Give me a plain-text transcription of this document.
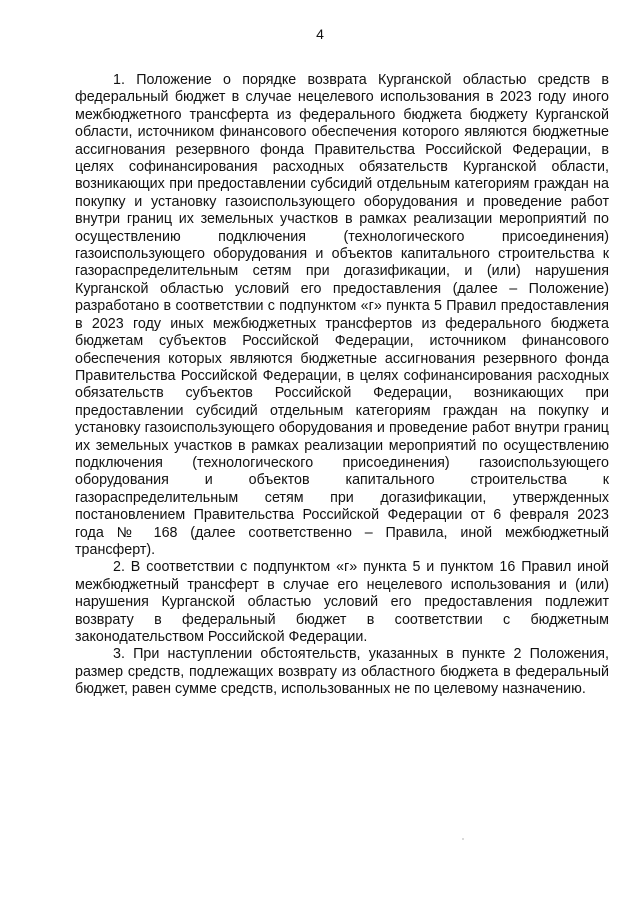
4

1. Положение о порядке возврата Курганской областью средств в федеральный бюджет в случае нецелевого использования в 2023 году иного межбюджетного трансферта из федерального бюджета бюджету Курганской области, источником финансового обеспечения которого являются бюджетные ассигнования резервного фонда Правительства Российской Федерации, в целях софинансирования расходных обязательств Курганской области, возникающих при предоставлении субсидий отдельным категориям граждан на покупку и установку газоиспользующего оборудования и проведение работ внутри границ их земельных участков в рамках реализации мероприятий по осуществлению подключения (технологического присоединения) газоиспользующего оборудования и объектов капитального строительства к газораспределительным сетям при догазификации, и (или) нарушения Курганской областью условий его предоставления (далее – Положение) разработано в соответствии с подпунктом «г» пункта 5 Правил предоставления в 2023 году иных межбюджетных трансфертов из федерального бюджета бюджетам субъектов Российской Федерации, источником финансового обеспечения которых являются бюджетные ассигнования резервного фонда Правительства Российской Федерации, в целях софинансирования расходных обязательств субъектов Российской Федерации, возникающих при предоставлении субсидий отдельным категориям граждан на покупку и установку газоиспользующего оборудования и проведение работ внутри границ их земельных участков в рамках реализации мероприятий по осуществлению подключения (технологического присоединения) газоиспользующего оборудования и объектов капитального строительства к газораспределительным сетям при догазификации, утвержденных постановлением Правительства Российской Федерации от 6 февраля 2023 года № 168 (далее соответственно – Правила, иной межбюджетный трансферт).

2. В соответствии с подпунктом «г» пункта 5 и пунктом 16 Правил иной межбюджетный трансферт в случае его нецелевого использования и (или) нарушения Курганской областью условий его предоставления подлежит возврату в федеральный бюджет в соответствии с бюджетным законодательством Российской Федерации.

3. При наступлении обстоятельств, указанных в пункте 2 Положения, размер средств, подлежащих возврату из областного бюджета в федеральный бюджет, равен сумме средств, использованных не по целевому назначению.
